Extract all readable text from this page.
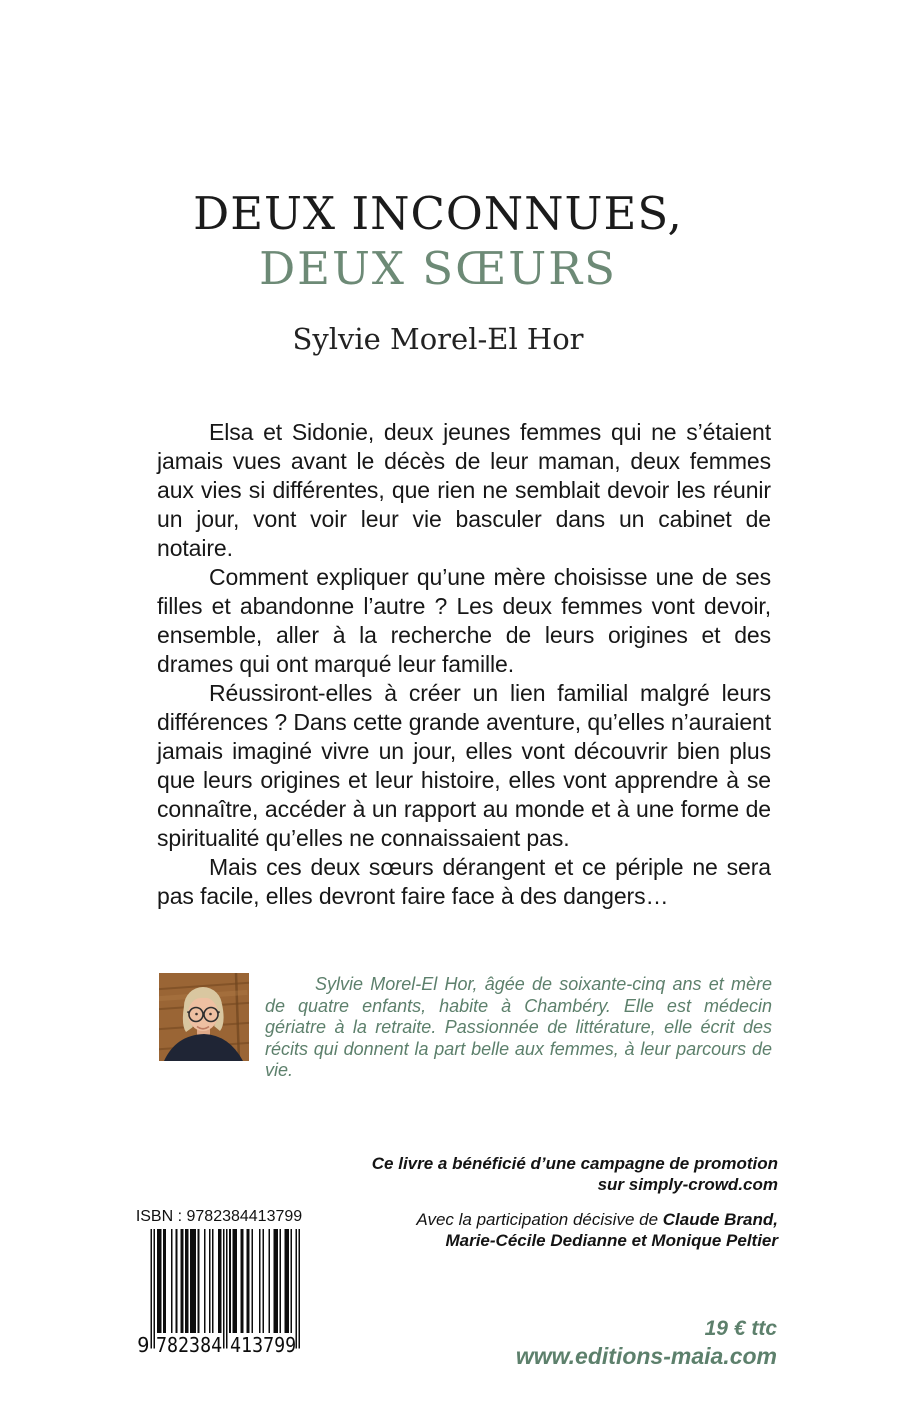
DEUX INCONNUES,
DEUX SŒURS
Sylvie Morel-El Hor

Elsa et Sidonie, deux jeunes femmes qui ne s’étaient jamais vues avant le décès de leur maman, deux femmes aux vies si différentes, que rien ne semblait devoir les réunir un jour, vont voir leur vie basculer dans un cabinet de notaire.

Comment expliquer qu’une mère choisisse une de ses filles et abandonne l’autre ? Les deux femmes vont devoir, ensemble, aller à la recherche de leurs origines et des drames qui ont marqué leur famille.

Réussiront-elles à créer un lien familial malgré leurs différences ? Dans cette grande aventure, qu’elles n’auraient jamais imaginé vivre un jour, elles vont découvrir bien plus que leurs origines et leur histoire, elles vont apprendre à se connaître, accéder à un rapport au monde et à une forme de spiritualité qu’elles ne connaissaient pas.

Mais ces deux sœurs dérangent et ce périple ne sera pas facile, elles devront faire face à des dangers…

Sylvie Morel-El Hor, âgée de soixante-cinq ans et mère de quatre enfants, habite à Chambéry. Elle est médecin gériatre à la retraite. Passionnée de littérature, elle écrit des récits qui donnent la part belle aux femmes, à leur parcours de vie.

Ce livre a bénéficié d’une campagne de promotion
sur simply-crowd.com

Avec la participation décisive de Claude Brand,
Marie-Cécile Dedianne et Monique Peltier

ISBN : 9782384413799
9 782384 413799
19 € ttc
www.editions-maia.com
